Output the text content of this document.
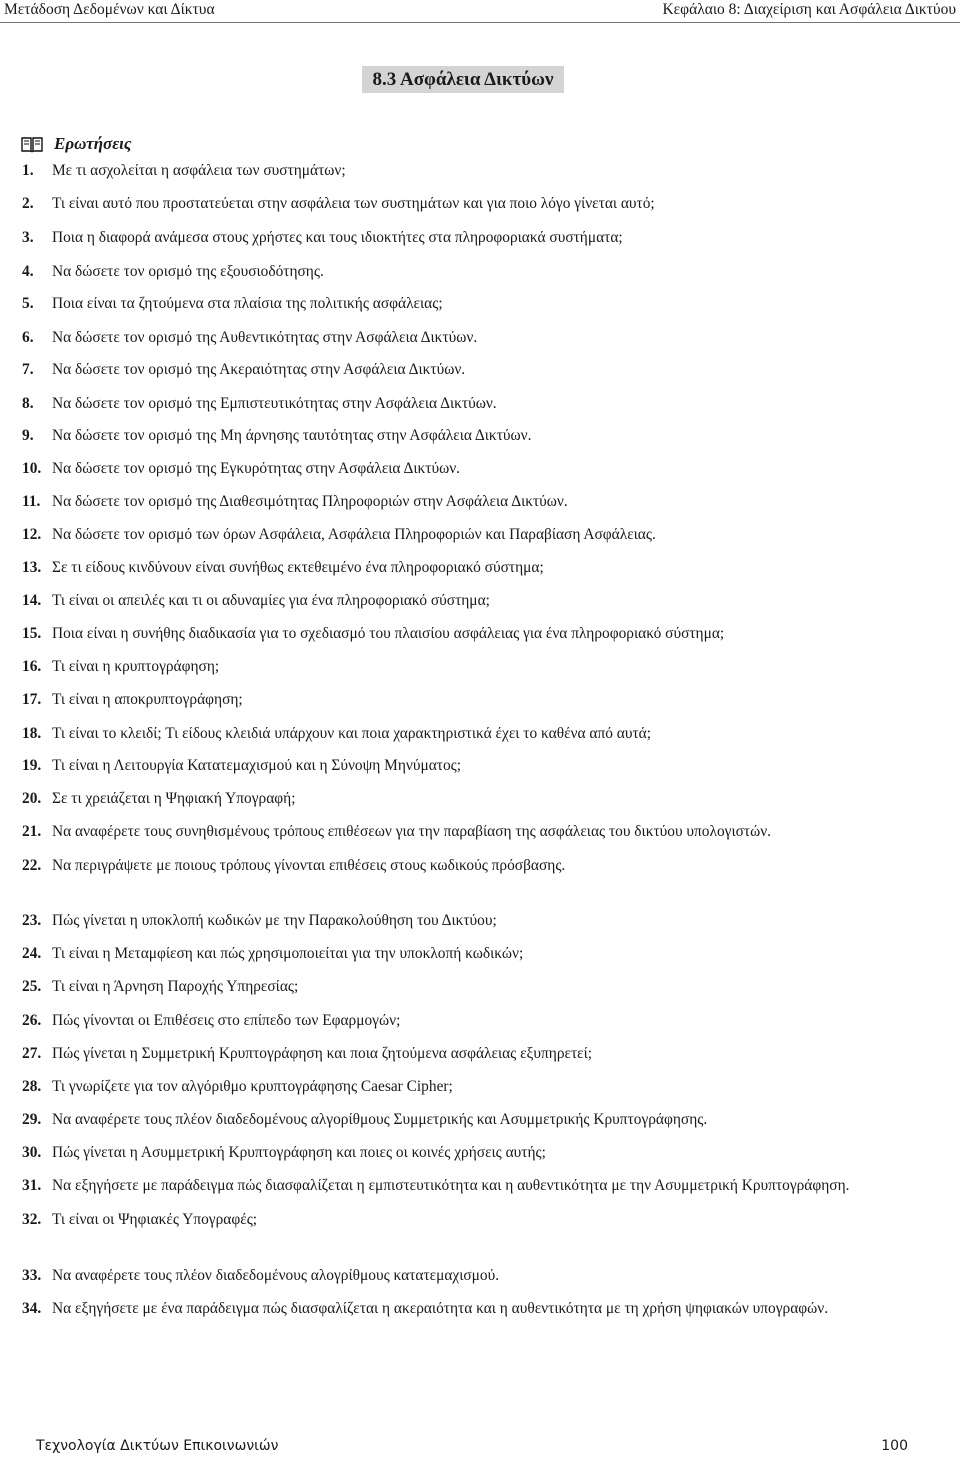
Μετάδοση Δεδομένων και Δίκτυα	Κεφάλαιο 8: Διαχείριση και Ασφάλεια Δικτύου
8.3 Ασφάλεια Δικτύων
Ερωτήσεις
1. Με τι ασχολείται η ασφάλεια των συστημάτων;
2. Τι είναι αυτό που προστατεύεται στην ασφάλεια των συστημάτων και για ποιο λόγο γίνεται αυτό;
3. Ποια η διαφορά ανάμεσα στους χρήστες και τους ιδιοκτήτες στα πληροφοριακά συστήματα;
4. Να δώσετε τον ορισμό της εξουσιοδότησης.
5. Ποια είναι τα ζητούμενα στα πλαίσια της πολιτικής ασφάλειας;
6. Να δώσετε τον ορισμό της Αυθεντικότητας στην Ασφάλεια Δικτύων.
7. Να δώσετε τον ορισμό της Ακεραιότητας στην Ασφάλεια Δικτύων.
8. Να δώσετε τον ορισμό της Εμπιστευτικότητας στην Ασφάλεια Δικτύων.
9. Να δώσετε τον ορισμό της Μη άρνησης ταυτότητας στην Ασφάλεια Δικτύων.
10. Να δώσετε τον ορισμό της Εγκυρότητας στην Ασφάλεια Δικτύων.
11. Να δώσετε τον ορισμό της Διαθεσιμότητας Πληροφοριών στην Ασφάλεια Δικτύων.
12. Να δώσετε τον ορισμό των όρων Ασφάλεια, Ασφάλεια Πληροφοριών και Παραβίαση Ασφάλειας.
13. Σε τι είδους κινδύνουν είναι συνήθως εκτεθειμένο ένα πληροφοριακό σύστημα;
14. Τι είναι οι απειλές και τι οι αδυναμίες για ένα πληροφοριακό σύστημα;
15. Ποια είναι η συνήθης διαδικασία για το σχεδιασμό του πλαισίου ασφάλειας για ένα πληροφοριακό σύστημα;
16. Τι είναι η κρυπτογράφηση;
17. Τι είναι η αποκρυπτογράφηση;
18. Τι είναι το κλειδί; Τι είδους κλειδιά υπάρχουν και ποια χαρακτηριστικά έχει το καθένα από αυτά;
19. Τι είναι η Λειτουργία Κατατεμαχισμού και η Σύνοψη Μηνύματος;
20. Σε τι χρειάζεται η Ψηφιακή Υπογραφή;
21. Να αναφέρετε τους συνηθισμένους τρόπους επιθέσεων για την παραβίαση της ασφάλειας του δικτύου υπολογιστών.
22. Να περιγράψετε με ποιους τρόπους γίνονται επιθέσεις στους κωδικούς πρόσβασης.
23. Πώς γίνεται η υποκλοπή κωδικών με την Παρακολούθηση του Δικτύου;
24. Τι είναι η Μεταμφίεση και πώς χρησιμοποιείται για την υποκλοπή κωδικών;
25. Τι είναι η Άρνηση Παροχής Υπηρεσίας;
26. Πώς γίνονται οι Επιθέσεις στο επίπεδο των Εφαρμογών;
27. Πώς γίνεται η Συμμετρική Κρυπτογράφηση και ποια ζητούμενα ασφάλειας εξυπηρετεί;
28. Τι γνωρίζετε για τον αλγόριθμο κρυπτογράφησης Caesar Cipher;
29. Να αναφέρετε τους πλέον διαδεδομένους αλγορίθμους Συμμετρικής και Ασυμμετρικής Κρυπτογράφησης.
30. Πώς γίνεται η Ασυμμετρική Κρυπτογράφηση και ποιες οι κοινές χρήσεις αυτής;
31. Να εξηγήσετε με παράδειγμα πώς διασφαλίζεται η εμπιστευτικότητα και η αυθεντικότητα με την Ασυμμετρική Κρυπτογράφηση.
32. Τι είναι οι Ψηφιακές Υπογραφές;
33. Να αναφέρετε τους πλέον διαδεδομένους αλογρίθμους κατατεμαχισμού.
34. Να εξηγήσετε με ένα παράδειγμα πώς διασφαλίζεται η ακεραιότητα και η αυθεντικότητα με τη χρήση ψηφιακών υπογραφών.
Τεχνολογία Δικτύων Επικοινωνιών	100
